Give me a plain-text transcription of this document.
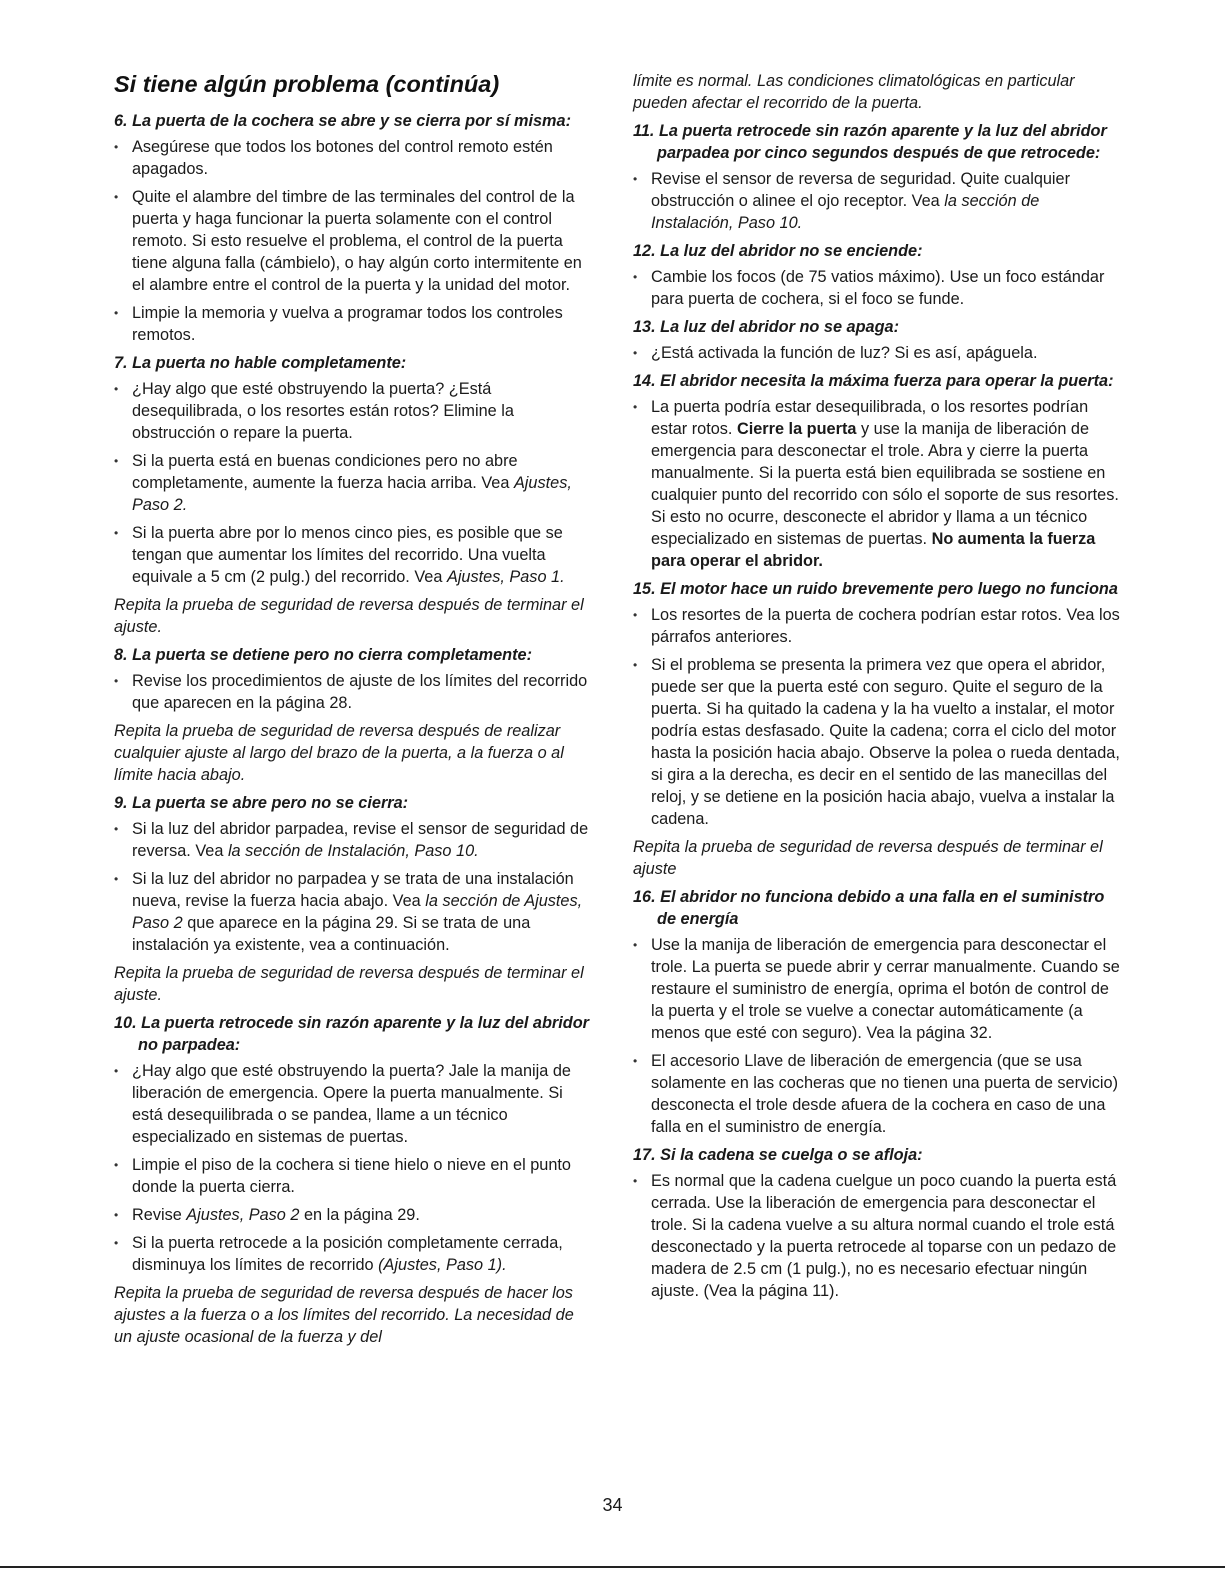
Si tiene algún problema (continúa)
6. La puerta de la cochera se abre y se cierra por sí misma:
• Asegúrese que todos los botones del control remoto estén apagados.
• Quite el alambre del timbre de las terminales del control de la puerta y haga funcionar la puerta solamente con el control remoto. Si esto resuelve el problema, el control de la puerta tiene alguna falla (cámbielo), o hay algún corto intermitente en el alambre entre el control de la puerta y la unidad del motor.
• Limpie la memoria y vuelva a programar todos los controles remotos.
7. La puerta no hable completamente:
• ¿Hay algo que esté obstruyendo la puerta? ¿Está desequilibrada, o los resortes están rotos? Elimine la obstrucción o repare la puerta.
• Si la puerta está en buenas condiciones pero no abre completamente, aumente la fuerza hacia arriba. Vea Ajustes, Paso 2.
• Si la puerta abre por lo menos cinco pies, es posible que se tengan que aumentar los límites del recorrido. Una vuelta equivale a 5 cm (2 pulg.) del recorrido. Vea Ajustes, Paso 1.
Repita la prueba de seguridad de reversa después de terminar el ajuste.
8. La puerta se detiene pero no cierra completamente:
• Revise los procedimientos de ajuste de los límites del recorrido que aparecen en la página 28.
Repita la prueba de seguridad de reversa después de realizar cualquier ajuste al largo del brazo de la puerta, a la fuerza o al límite hacia abajo.
9. La puerta se abre pero no se cierra:
• Si la luz del abridor parpadea, revise el sensor de seguridad de reversa. Vea la sección de Instalación, Paso 10.
• Si la luz del abridor no parpadea y se trata de una instalación nueva, revise la fuerza hacia abajo. Vea la sección de Ajustes, Paso 2 que aparece en la página 29. Si se trata de una instalación ya existente, vea a continuación.
Repita la prueba de seguridad de reversa después de terminar el ajuste.
10. La puerta retrocede sin razón aparente y la luz del abridor no parpadea:
• ¿Hay algo que esté obstruyendo la puerta? Jale la manija de liberación de emergencia. Opere la puerta manualmente. Si está desequilibrada o se pandea, llame a un técnico especializado en sistemas de puertas.
• Limpie el piso de la cochera si tiene hielo o nieve en el punto donde la puerta cierra.
• Revise Ajustes, Paso 2 en la página 29.
• Si la puerta retrocede a la posición completamente cerrada, disminuya los límites de recorrido (Ajustes, Paso 1).
Repita la prueba de seguridad de reversa después de hacer los ajustes a la fuerza o a los límites del recorrido. La necesidad de un ajuste ocasional de la fuerza y del
límite es normal. Las condiciones climatológicas en particular pueden afectar el recorrido de la puerta.
11. La puerta retrocede sin razón aparente y la luz del abridor parpadea por cinco segundos después de que retrocede:
• Revise el sensor de reversa de seguridad. Quite cualquier obstrucción o alinee el ojo receptor. Vea la sección de Instalación, Paso 10.
12. La luz del abridor no se enciende:
• Cambie los focos (de 75 vatios máximo). Use un foco estándar para puerta de cochera, si el foco se funde.
13. La luz del abridor no se apaga:
• ¿Está activada la función de luz? Si es así, apáguela.
14. El abridor necesita la máxima fuerza para operar la puerta:
• La puerta podría estar desequilibrada, o los resortes podrían estar rotos. Cierre la puerta y use la manija de liberación de emergencia para desconectar el trole. Abra y cierre la puerta manualmente. Si la puerta está bien equilibrada se sostiene en cualquier punto del recorrido con sólo el soporte de sus resortes. Si esto no ocurre, desconecte el abridor y llama a un técnico especializado en sistemas de puertas. No aumenta la fuerza para operar el abridor.
15. El motor hace un ruido brevemente pero luego no funciona
• Los resortes de la puerta de cochera podrían estar rotos. Vea los párrafos anteriores.
• Si el problema se presenta la primera vez que opera el abridor, puede ser que la puerta esté con seguro. Quite el seguro de la puerta. Si ha quitado la cadena y la ha vuelto a instalar, el motor podría estas desfasado. Quite la cadena; corra el ciclo del motor hasta la posición hacia abajo. Observe la polea o rueda dentada, si gira a la derecha, es decir en el sentido de las manecillas del reloj, y se detiene en la posición hacia abajo, vuelva a instalar la cadena.
Repita la prueba de seguridad de reversa después de terminar el ajuste
16. El abridor no funciona debido a una falla en el suministro de energía
• Use la manija de liberación de emergencia para desconectar el trole. La puerta se puede abrir y cerrar manualmente. Cuando se restaure el suministro de energía, oprima el botón de control de la puerta y el trole se vuelve a conectar automáticamente (a menos que esté con seguro). Vea la página 32.
• El accesorio Llave de liberación de emergencia (que se usa solamente en las cocheras que no tienen una puerta de servicio) desconecta el trole desde afuera de la cochera en caso de una falla en el suministro de energía.
17. Si la cadena se cuelga o se afloja:
• Es normal que la cadena cuelgue un poco cuando la puerta está cerrada. Use la liberación de emergencia para desconectar el trole. Si la cadena vuelve a su altura normal cuando el trole está desconectado y la puerta retrocede al toparse con un pedazo de madera de 2.5 cm (1 pulg.), no es necesario efectuar ningún ajuste. (Vea la página 11).
34
